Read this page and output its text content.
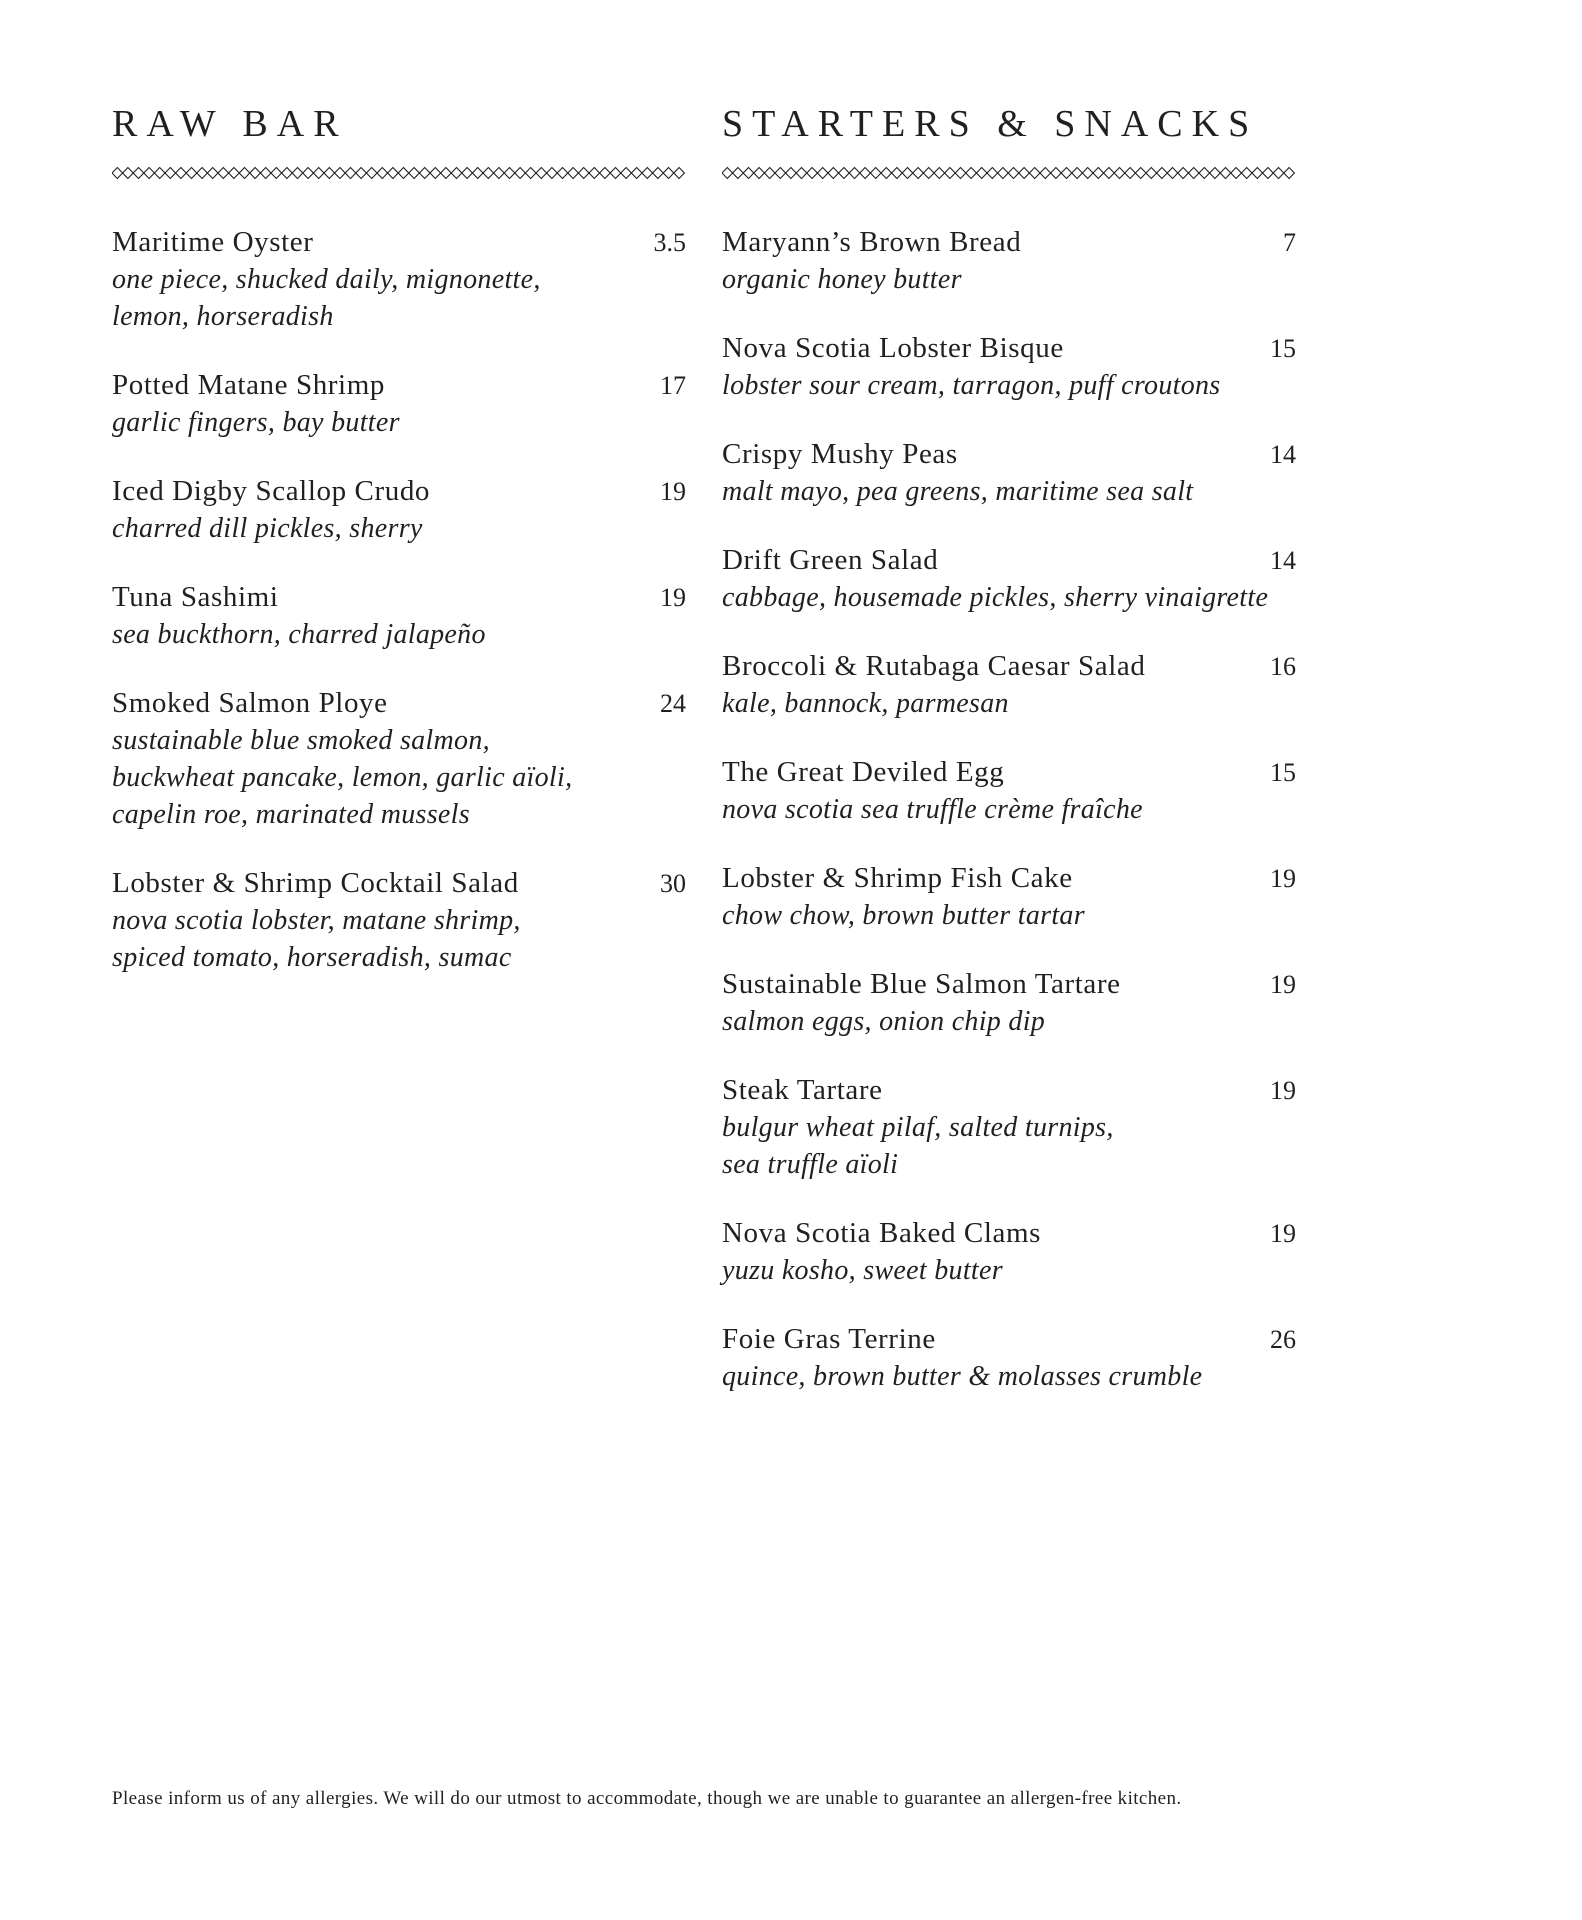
RAW BAR
Maritime Oyster	3.5
one piece, shucked daily, mignonette,
lemon, horseradish
Potted Matane Shrimp	17
garlic fingers, bay butter
Iced Digby Scallop Crudo	19
charred dill pickles, sherry
Tuna Sashimi	19
sea buckthorn, charred jalapeño
Smoked Salmon Ploye	24
sustainable blue smoked salmon,
buckwheat pancake, lemon, garlic aïoli,
capelin roe, marinated mussels
Lobster & Shrimp Cocktail Salad	30
nova scotia lobster, matane shrimp,
spiced tomato, horseradish, sumac
STARTERS & SNACKS
Maryann’s Brown Bread	7
organic honey butter
Nova Scotia Lobster Bisque	15
lobster sour cream, tarragon, puff croutons
Crispy Mushy Peas	14
malt mayo, pea greens, maritime sea salt
Drift Green Salad	14
cabbage, housemade pickles, sherry vinaigrette
Broccoli & Rutabaga Caesar Salad	16
kale, bannock, parmesan
The Great Deviled Egg	15
nova scotia sea truffle crème fraîche
Lobster & Shrimp Fish Cake	19
chow chow, brown butter tartar
Sustainable Blue Salmon Tartare	19
salmon eggs, onion chip dip
Steak Tartare	19
bulgur wheat pilaf, salted turnips,
sea truffle aïoli
Nova Scotia Baked Clams	19
yuzu kosho, sweet butter
Foie Gras Terrine	26
quince, brown butter & molasses crumble
Please inform us of any allergies. We will do our utmost to accommodate, though we are unable to guarantee an allergen-free kitchen.
